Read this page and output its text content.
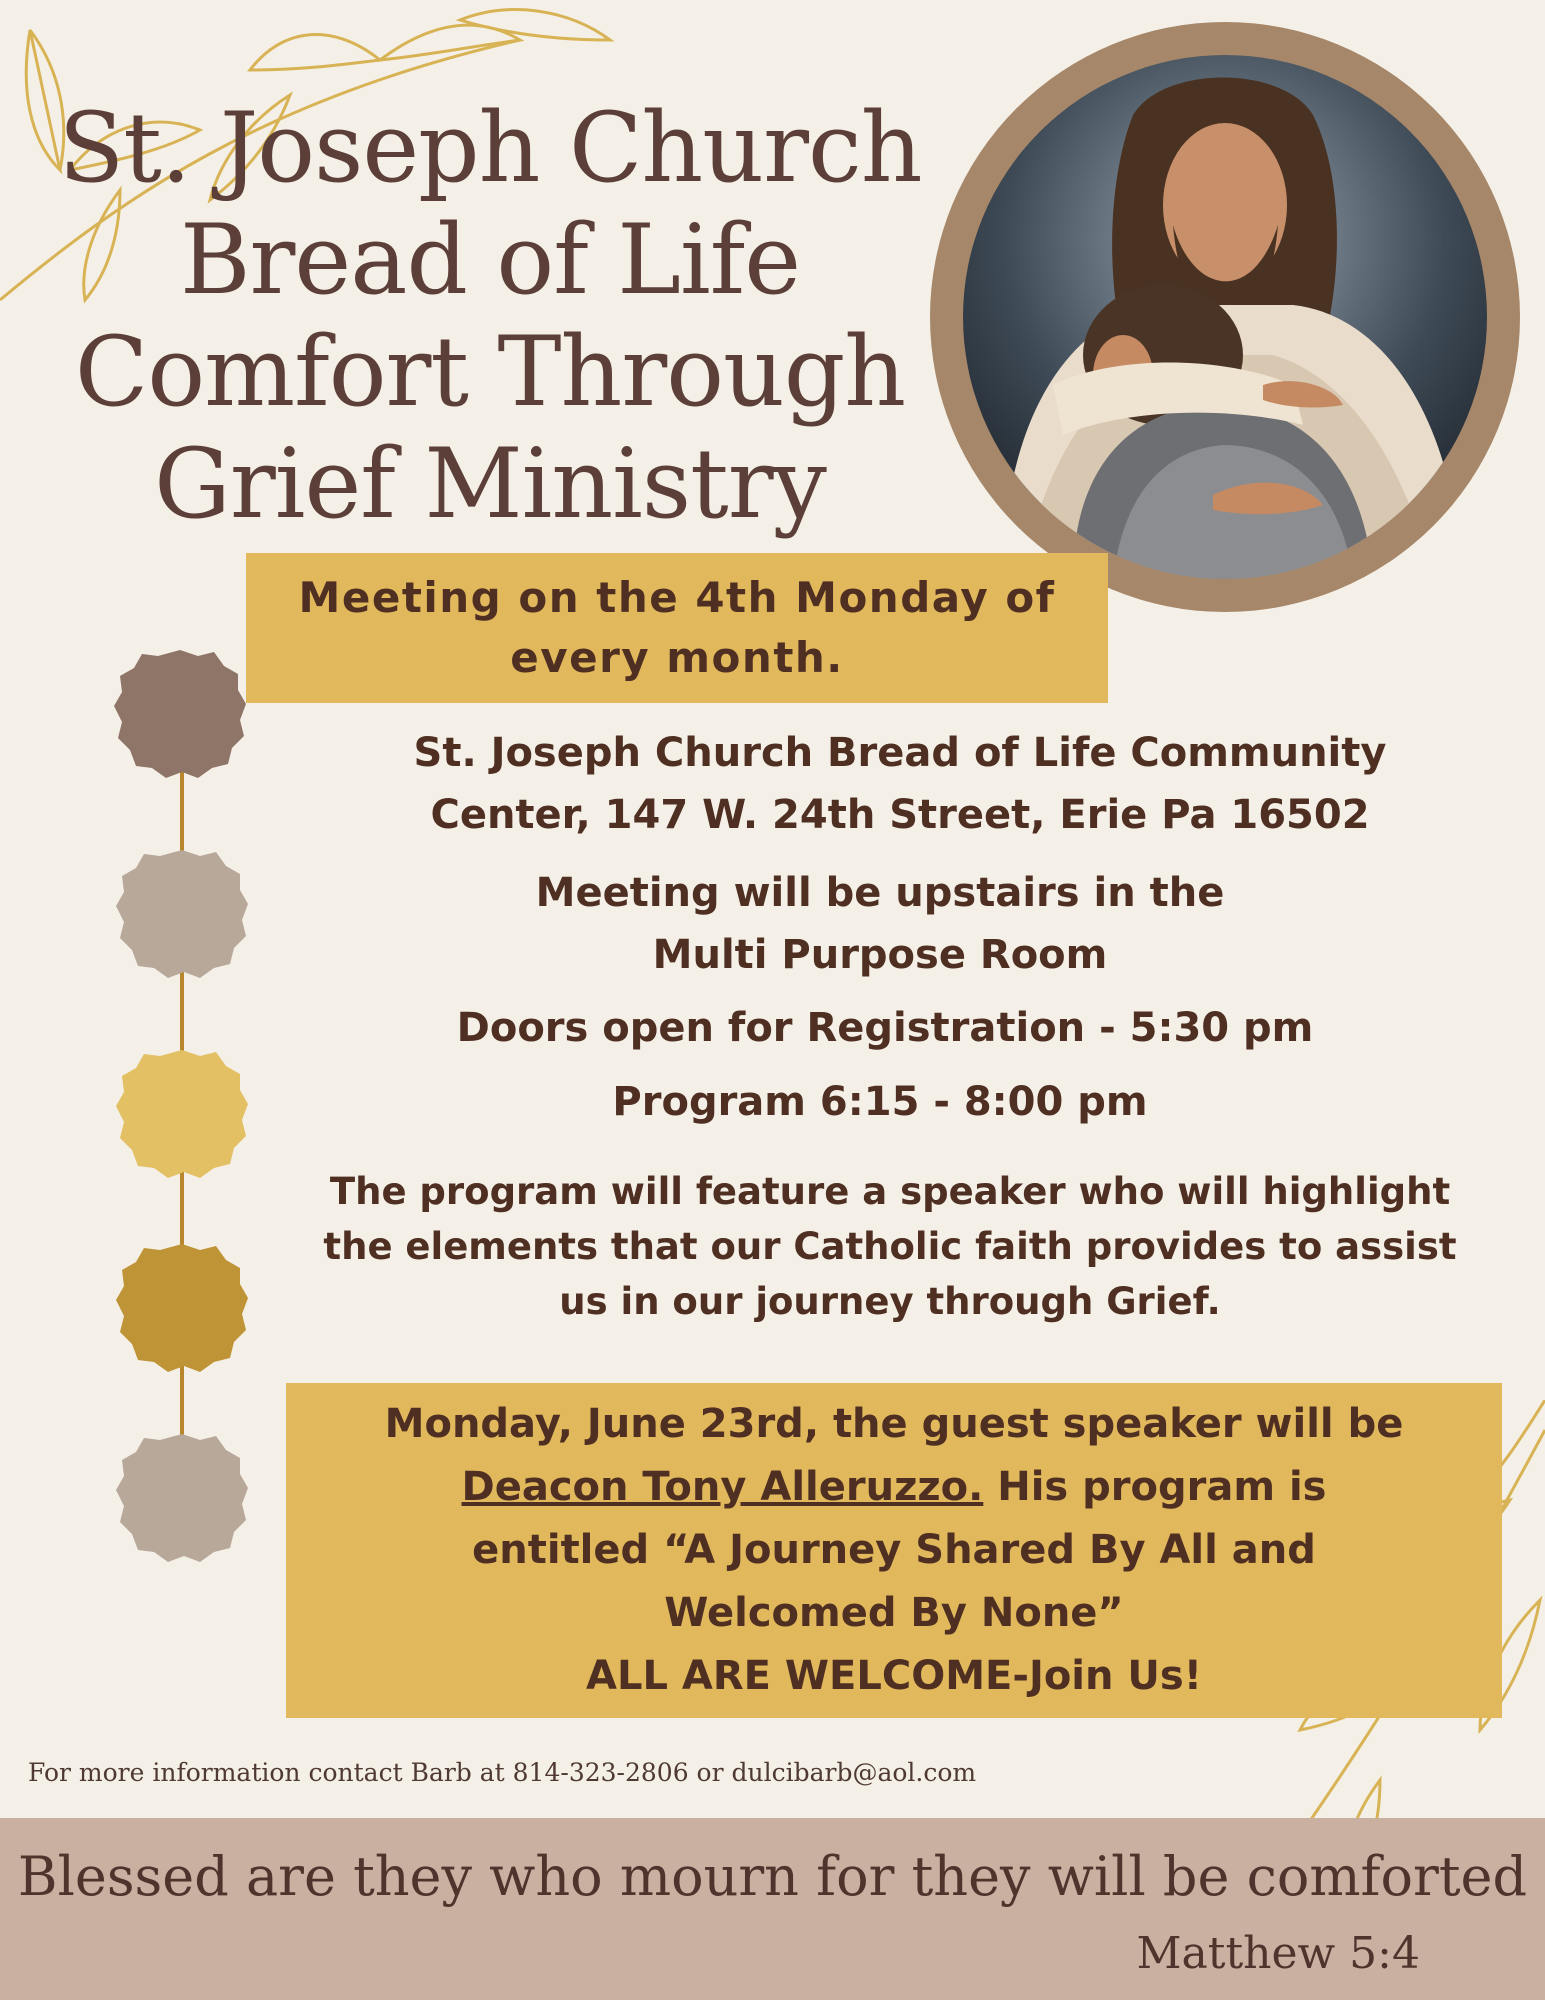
St. Joseph Church
Bread of Life
Comfort Through
Grief Ministry
Meeting on the 4th Monday of
every month.
St. Joseph Church Bread of Life Community
Center, 147 W. 24th Street, Erie Pa 16502
Meeting will be upstairs in the
Multi Purpose Room
Doors open for Registration - 5:30 pm
Program 6:15 - 8:00 pm
The program will feature a speaker who will highlight
the elements that our Catholic faith provides to assist
us in our journey through Grief.
Monday, June 23rd, the guest speaker will be
Deacon Tony Alleruzzo. His program is
entitled “A Journey Shared By All and
Welcomed By None”
ALL ARE WELCOME-Join Us!
For more information contact Barb at 814-323-2806 or dulcibarb@aol.com
Blessed are they who mourn for they will be comforted
Matthew 5:4
